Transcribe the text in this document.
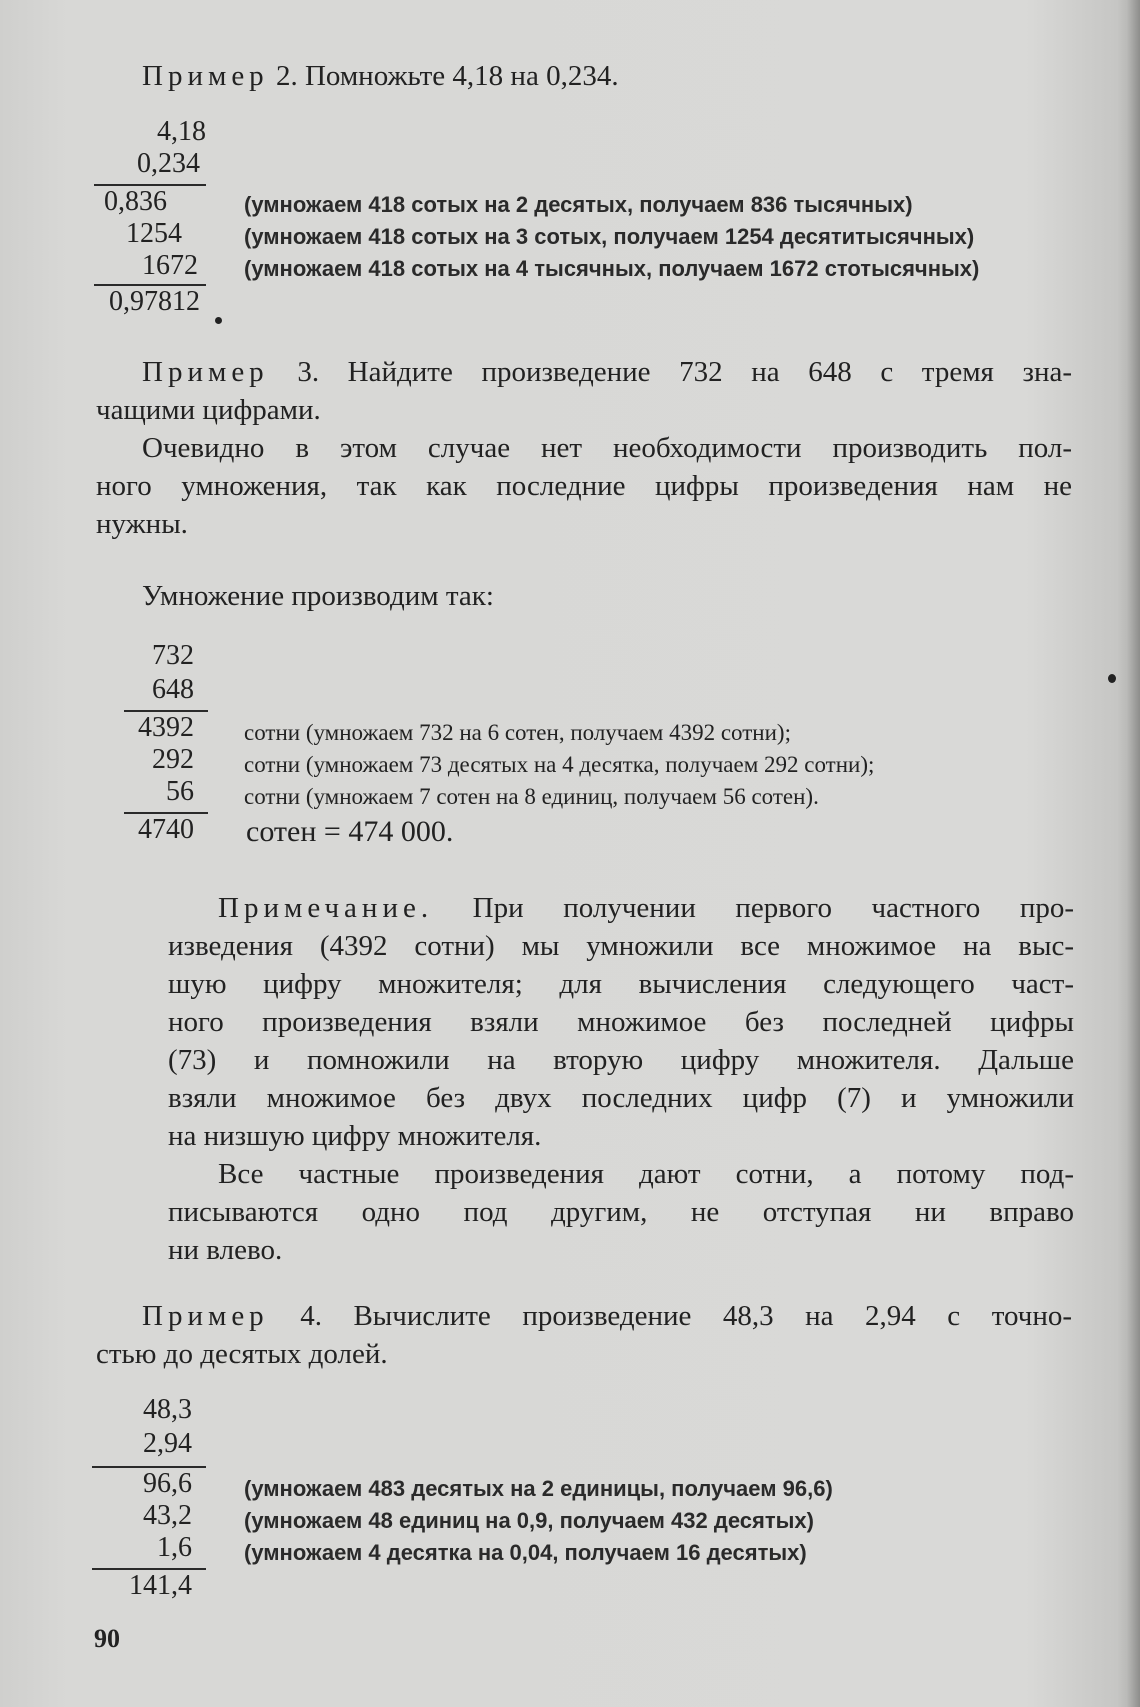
Пример 2. Помножьте 4,18 на 0,234.
4,18
0,234
0,836
1254
1672
0,97812
(умножаем 418 сотых на 2 десятых, получаем 836 тысячных)
(умножаем 418 сотых на 3 сотых, получаем 1254 десятитысячных)
(умножаем 418 сотых на 4 тысячных, получаем 1672 стотысячных)
Пример 3. Найдите произведение 732 на 648 с тремя зна-
чащими цифрами.
Очевидно в этом случае нет необходимости производить пол-
ного умножения, так как последние цифры произведения нам не
нужны.
Умножение производим так:
732
648
4392
292
56
4740
сотни (умножаем 732 на 6 сотен, получаем 4392 сотни);
сотни (умножаем 73 десятых на 4 десятка, получаем 292 сотни);
сотни (умножаем 7 сотен на 8 единиц, получаем 56 сотен).
сотен = 474 000.
Примечание. При получении первого частного про-
изведения (4392 сотни) мы умножили все множимое на выс-
шую цифру множителя; для вычисления следующего част-
ного произведения взяли множимое без последней цифры
(73) и помножили на вторую цифру множителя. Дальше
взяли множимое без двух последних цифр (7) и умножили
на низшую цифру множителя.
Все частные произведения дают сотни, а потому под-
писываются одно под другим, не отступая ни вправо
ни влево.
Пример 4. Вычислите произведение 48,3 на 2,94 с точно-
стью до десятых долей.
48,3
2,94
96,6
43,2
1,6
141,4
(умножаем 483 десятых на 2 единицы, получаем 96,6)
(умножаем 48 единиц на 0,9, получаем 432 десятых)
(умножаем 4 десятка на 0,04, получаем 16 десятых)
90
